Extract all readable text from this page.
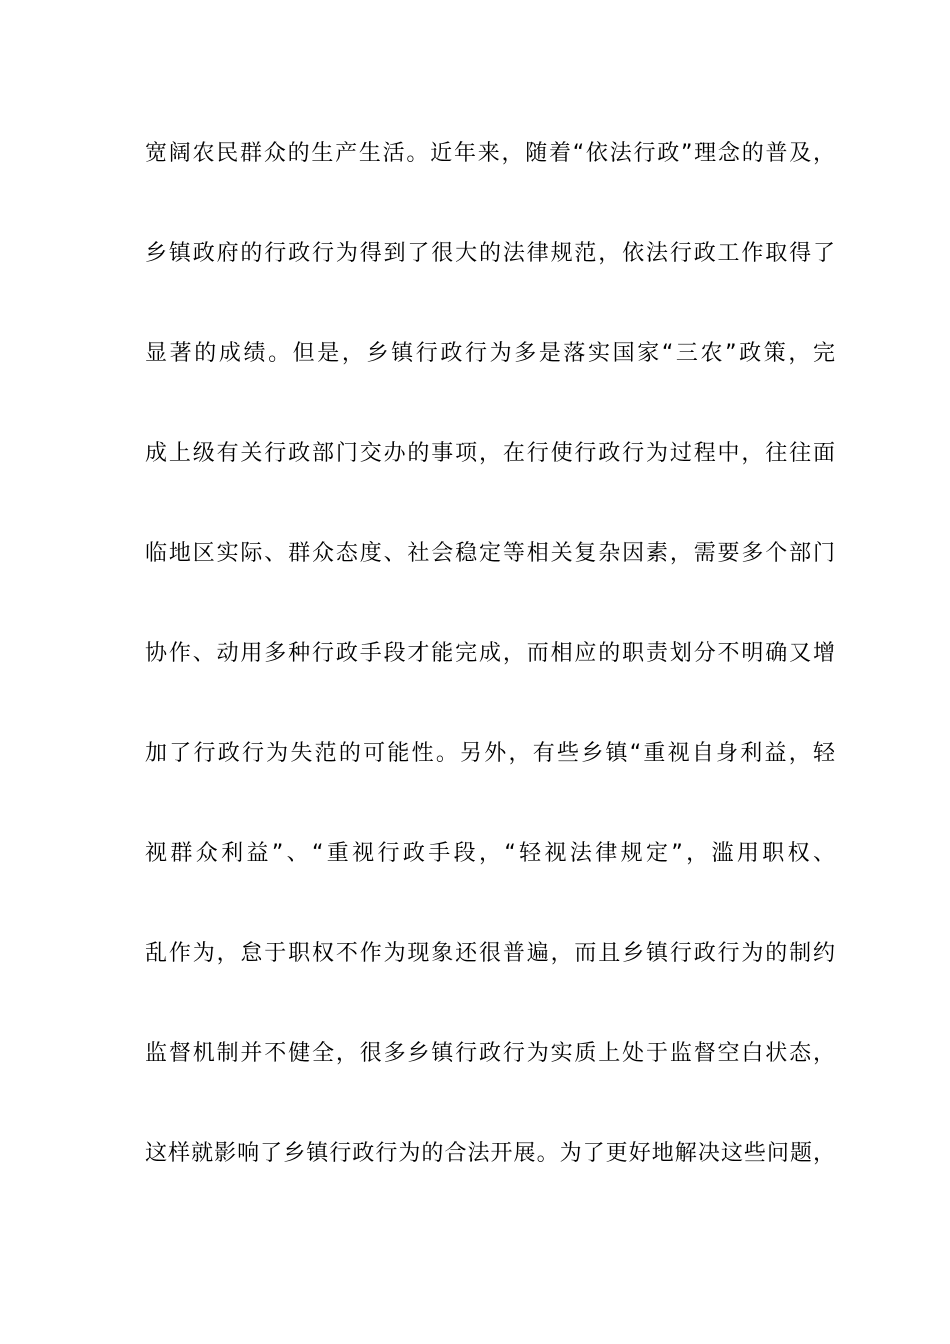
宽阔农民群众的生产生活。近年来，随着“依法行政”理念的普及，
乡镇政府的行政行为得到了很大的法律规范，依法行政工作取得了
显著的成绩。但是，乡镇行政行为多是落实国家“三农”政策，完
成上级有关行政部门交办的事项，在行使行政行为过程中，往往面
临地区实际、群众态度、社会稳定等相关复杂因素，需要多个部门
协作、动用多种行政手段才能完成，而相应的职责划分不明确又增
加了行政行为失范的可能性。另外，有些乡镇“重视自身利益，轻
视群众利益”、“重视行政手段，“轻视法律规定”，滥用职权、
乱作为，怠于职权不作为现象还很普遍，而且乡镇行政行为的制约
监督机制并不健全，很多乡镇行政行为实质上处于监督空白状态，
这样就影响了乡镇行政行为的合法开展。为了更好地解决这些问题，
